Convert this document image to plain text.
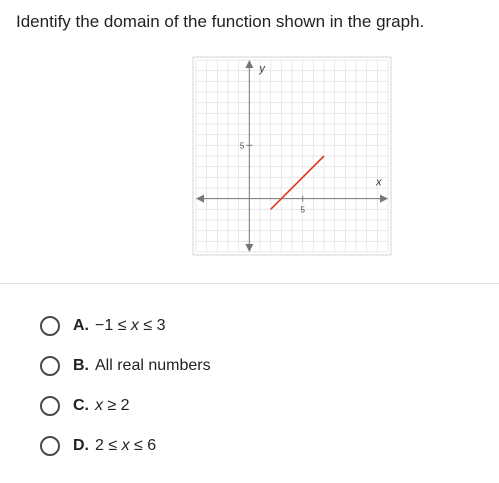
Identify the domain of the function shown in the graph.
y
x
5
5
A. −1 ≤ x ≤ 3
B. All real numbers
C. x ≥ 2
D. 2 ≤ x ≤ 6
